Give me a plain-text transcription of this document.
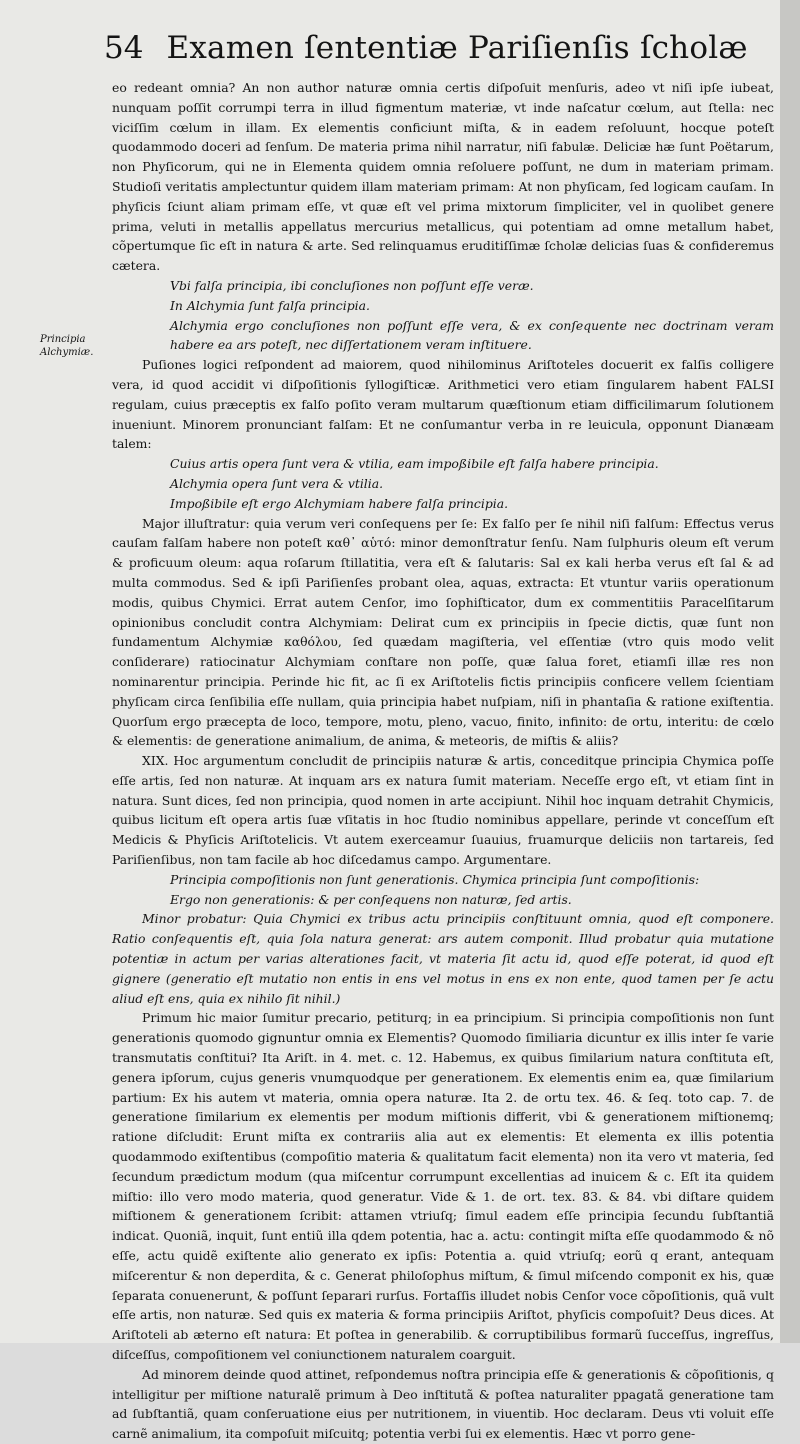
54 Examen ſententiæ Pariſienſis ſcholæ
Principia Alchymiæ.

eo redeant omnia? An non author naturæ omnia certis diſpoſuit menſuris, adeo vt niſi ipſe iubeat, nunquam poſſit corrumpi terra in illud figmentum materiæ, vt inde naſcatur cœlum, aut ſtella: nec viciſſim cœlum in illam. Ex elementis conficiunt miſta, & in eadem reſoluunt, hocque poteſt quodammodo doceri ad ſenſum. De materia prima nihil narratur, niſi fabulæ. Deliciæ hæ ſunt Poëtarum, non Phyſicorum, qui ne in Elementa quidem omnia reſoluere poſſunt, ne dum in materiam primam. Studioſi veritatis amplectuntur quidem illam materiam primam: At non phyſicam, ſed logicam cauſam. In phyſicis ſciunt aliam primam eſſe, vt quæ eſt vel prima mixtorum ſimpliciter, vel in quolibet genere prima, veluti in metallis appellatus mercurius metallicus, qui potentiam ad omne metallum habet, cõpertumque ſic eſt in natura & arte. Sed relinquamus eruditiſſimæ ſcholæ delicias ſuas & confideremus cætera.

Vbi falſa principia, ibi concluſiones non poſſunt eſſe veræ.

In Alchymia ſunt falſa principia.

Alchymia ergo concluſiones non poſſunt eſſe vera, & ex conſequente nec doctrinam veram habere ea ars poteſt, nec diſſertationem veram inſtituere.

Puſiones logici reſpondent ad maiorem, quod nihilominus Ariſtoteles docuerit ex falſis colligere vera, id quod accidit vi diſpoſitionis ſyllogiſticæ. Arithmetici vero etiam ſingularem habent FALSI regulam, cuius præceptis ex falſo poſito veram multarum quæſtionum etiam difficilimarum ſolutionem inueniunt. Minorem pronunciant falſam: Et ne conſumantur verba in re leuicula, opponunt Dianæam talem:

Cuius artis opera ſunt vera & vtilia, eam impoßibile eſt falſa habere principia.

Alchymia opera ſunt vera & vtilia.

Impoßibile eſt ergo Alchymiam habere falſa principia.

Major illuſtratur: quia verum veri conſequens per ſe: Ex falſo per ſe nihil niſi falſum: Effectus verus cauſam falſam habere non poteſt καθ᾽ αὑτό: minor demonſtratur ſenſu. Nam ſulphuris oleum eſt verum & proficuum oleum: aqua roſarum ſtillatitia, vera eſt & ſalutaris: Sal ex kali herba verus eſt ſal & ad multa commodus. Sed & ipſi Pariſienſes probant olea, aquas, extracta: Et vtuntur variis operationum modis, quibus Chymici. Errat autem Cenſor, imo ſophiſticator, dum ex commentitiis Paracelſitarum opinionibus concludit contra Alchymiam: Delirat cum ex principiis in ſpecie dictis, quæ ſunt non fundamentum Alchymiæ καθόλου, ſed quædam magiſteria, vel eſſentiæ (vtro quis modo velit conſiderare) ratiocinatur Alchymiam conſtare non poſſe, quæ ſalua foret, etiamſi illæ res non nominarentur principia. Perinde hic fit, ac ſi ex Ariſtotelis fictis principiis conficere vellem ſcientiam phyſicam circa ſenſibilia eſſe nullam, quia principia habet nuſpiam, niſi in phantaſia & ratione exiſtentia. Quorſum ergo præcepta de loco, tempore, motu, pleno, vacuo, finito, infinito: de ortu, interitu: de cœlo & elementis: de generatione animalium, de anima, & meteoris, de miſtis & aliis?

XIX. Hoc argumentum concludit de principiis naturæ & artis, conceditque principia Chymica poſſe eſſe artis, ſed non naturæ. At inquam ars ex natura ſumit materiam. Neceſſe ergo eſt, vt etiam ſint in natura. Sunt dices, ſed non principia, quod nomen in arte accipiunt. Nihil hoc inquam detrahit Chymicis, quibus licitum eſt opera artis ſuæ vſitatis in hoc ſtudio nominibus appellare, perinde vt conceſſum eſt Medicis & Phyſicis Ariſtotelicis. Vt autem exerceamur ſuauius, fruamurque deliciis non tartareis, ſed Pariſienſibus, non tam facile ab hoc diſcedamus campo. Argumentare.

Principia compoſitionis non ſunt generationis. Chymica principia ſunt compoſitionis:

Ergo non generationis: & per conſequens non naturæ, ſed artis.

Minor probatur: Quia Chymici ex tribus actu principiis conſtituunt omnia, quod eſt componere. Ratio conſequentis eſt, quia ſola natura generat: ars autem componit. Illud probatur quia mutatione potentiæ in actum per varias alterationes facit, vt materia ſit actu id, quod eſſe poterat, id quod eſt gignere (generatio eſt mutatio non entis in ens vel motus in ens ex non ente, quod tamen per ſe actu aliud eſt ens, quia ex nihilo ſit nihil.)

Primum hic maior ſumitur precario, petiturq; in ea principium. Si principia compoſitionis non ſunt generationis quomodo gignuntur omnia ex Elementis? Quomodo ſimiliaria dicuntur ex illis inter ſe varie transmutatis conſtitui? Ita Ariſt. in 4. met. c. 12. Habemus, ex quibus ſimilarium natura conſtituta eſt, genera ipſorum, cujus generis vnumquodque per generationem. Ex elementis enim ea, quæ ſimilarium partium: Ex his autem vt materia, omnia opera naturæ. Ita 2. de ortu tex. 46. & ſeq. toto cap. 7. de generatione ſimilarium ex elementis per modum miſtionis differit, vbi & generationem miſtionemq; ratione diſcludit: Erunt miſta ex contrariis alia aut ex elementis: Et elementa ex illis potentia quodammodo exiſtentibus (compoſitio materia & qualitatum facit elementa) non ita vero vt materia, ſed ſecundum prædictum modum (qua miſcentur corrumpunt excellentias ad inuicem & c. Eſt ita quidem miſtio: illo vero modo materia, quod generatur. Vide & 1. de ort. tex. 83. & 84. vbi diſtare quidem miſtionem & generationem ſcribit: attamen vtriuſq; ſimul eadem eſſe principia ſecundu ſubſtantiã indicat. Quoniã, inquit, ſunt entiũ illa qdem potentia, hac a. actu: contingit miſta eſſe quodammodo & nõ eſſe, actu quidẽ exiſtente alio generato ex ipſis: Potentia a. quid vtriuſq; eorũ q erant, antequam miſcerentur & non deperdita, & c. Generat philoſophus miſtum, & ſimul miſcendo componit ex his, quæ ſeparata conuenerunt, & poſſunt ſeparari rurſus. Fortaſſis illudet nobis Cenſor voce cõpoſitionis, quã vult eſſe artis, non naturæ. Sed quis ex materia & forma principiis Ariſtot, phyſicis compoſuit? Deus dices. At Ariſtoteli ab æterno eſt natura: Et poſtea in generabilib. & corruptibilibus formarũ ſucceſſus, ingreſſus, diſceſſus, compoſitionem vel coniunctionem naturalem coarguit.

Ad minorem deinde quod attinet, reſpondemus noſtra principia eſſe & generationis & cõpoſitionis, q intelligitur per miſtione naturalẽ primum à Deo inſtitutã & poſtea naturaliter ppagatã generatione tam ad ſubſtantiã, quam conſeruatione eius per nutritionem, in viuentib. Hoc declaram. Deus vti voluit eſſe carnẽ animalium, ita compoſuit miſcuitq; potentia verbi ſui ex elementis. Hæc vt porro gene-
